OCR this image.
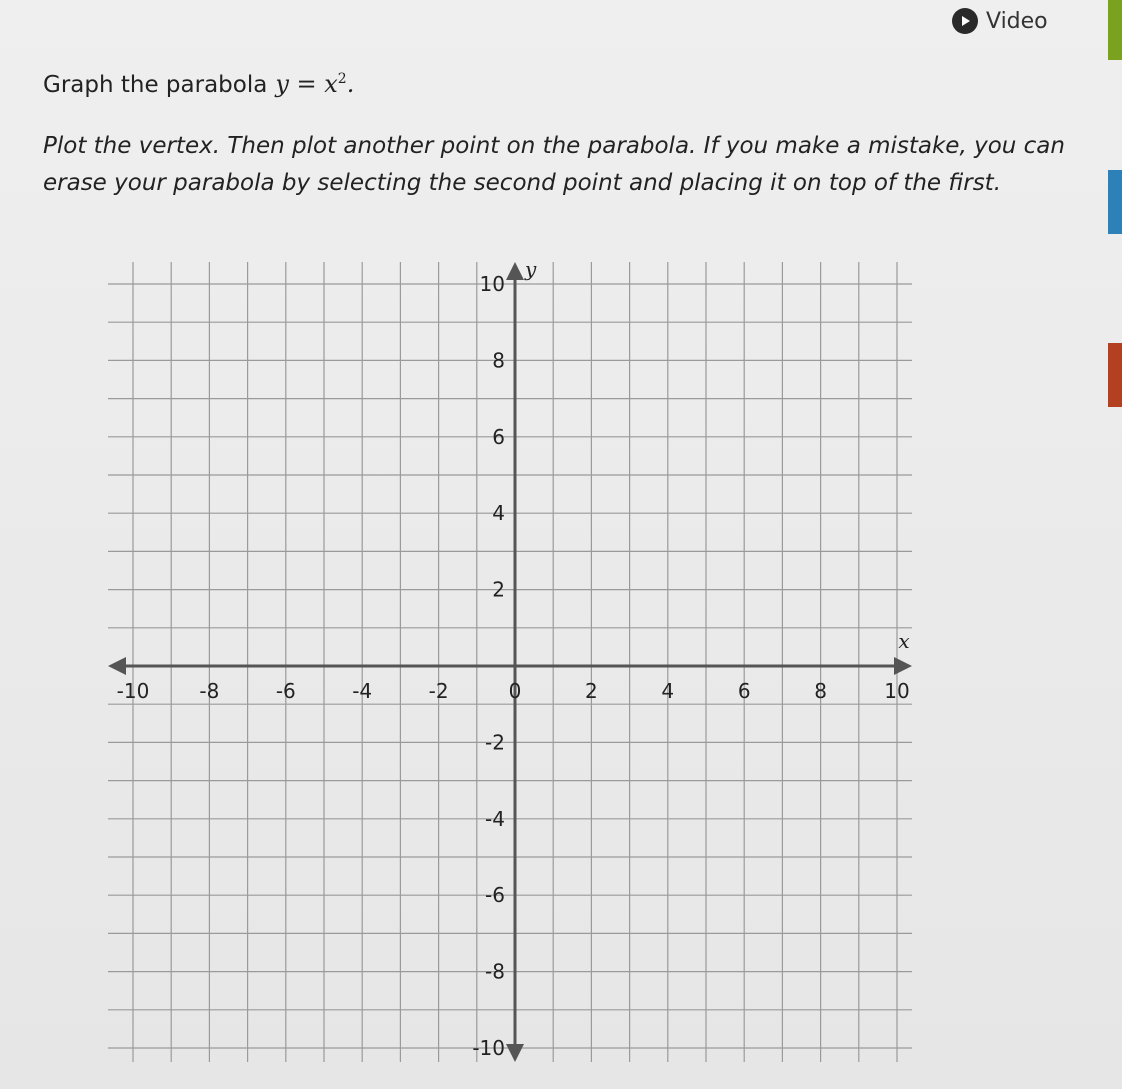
Video
Graph the parabola $y = x^2$.
Plot the vertex. Then plot another point on the parabola. If you make a mistake, you can erase your parabola by selecting the second point and placing it on top of the first.
-10	-8	-6	-4	-2	0	2	4	6	8	10
10
8
6
4
2
-2
-4
-6
-8
-10
x
y
